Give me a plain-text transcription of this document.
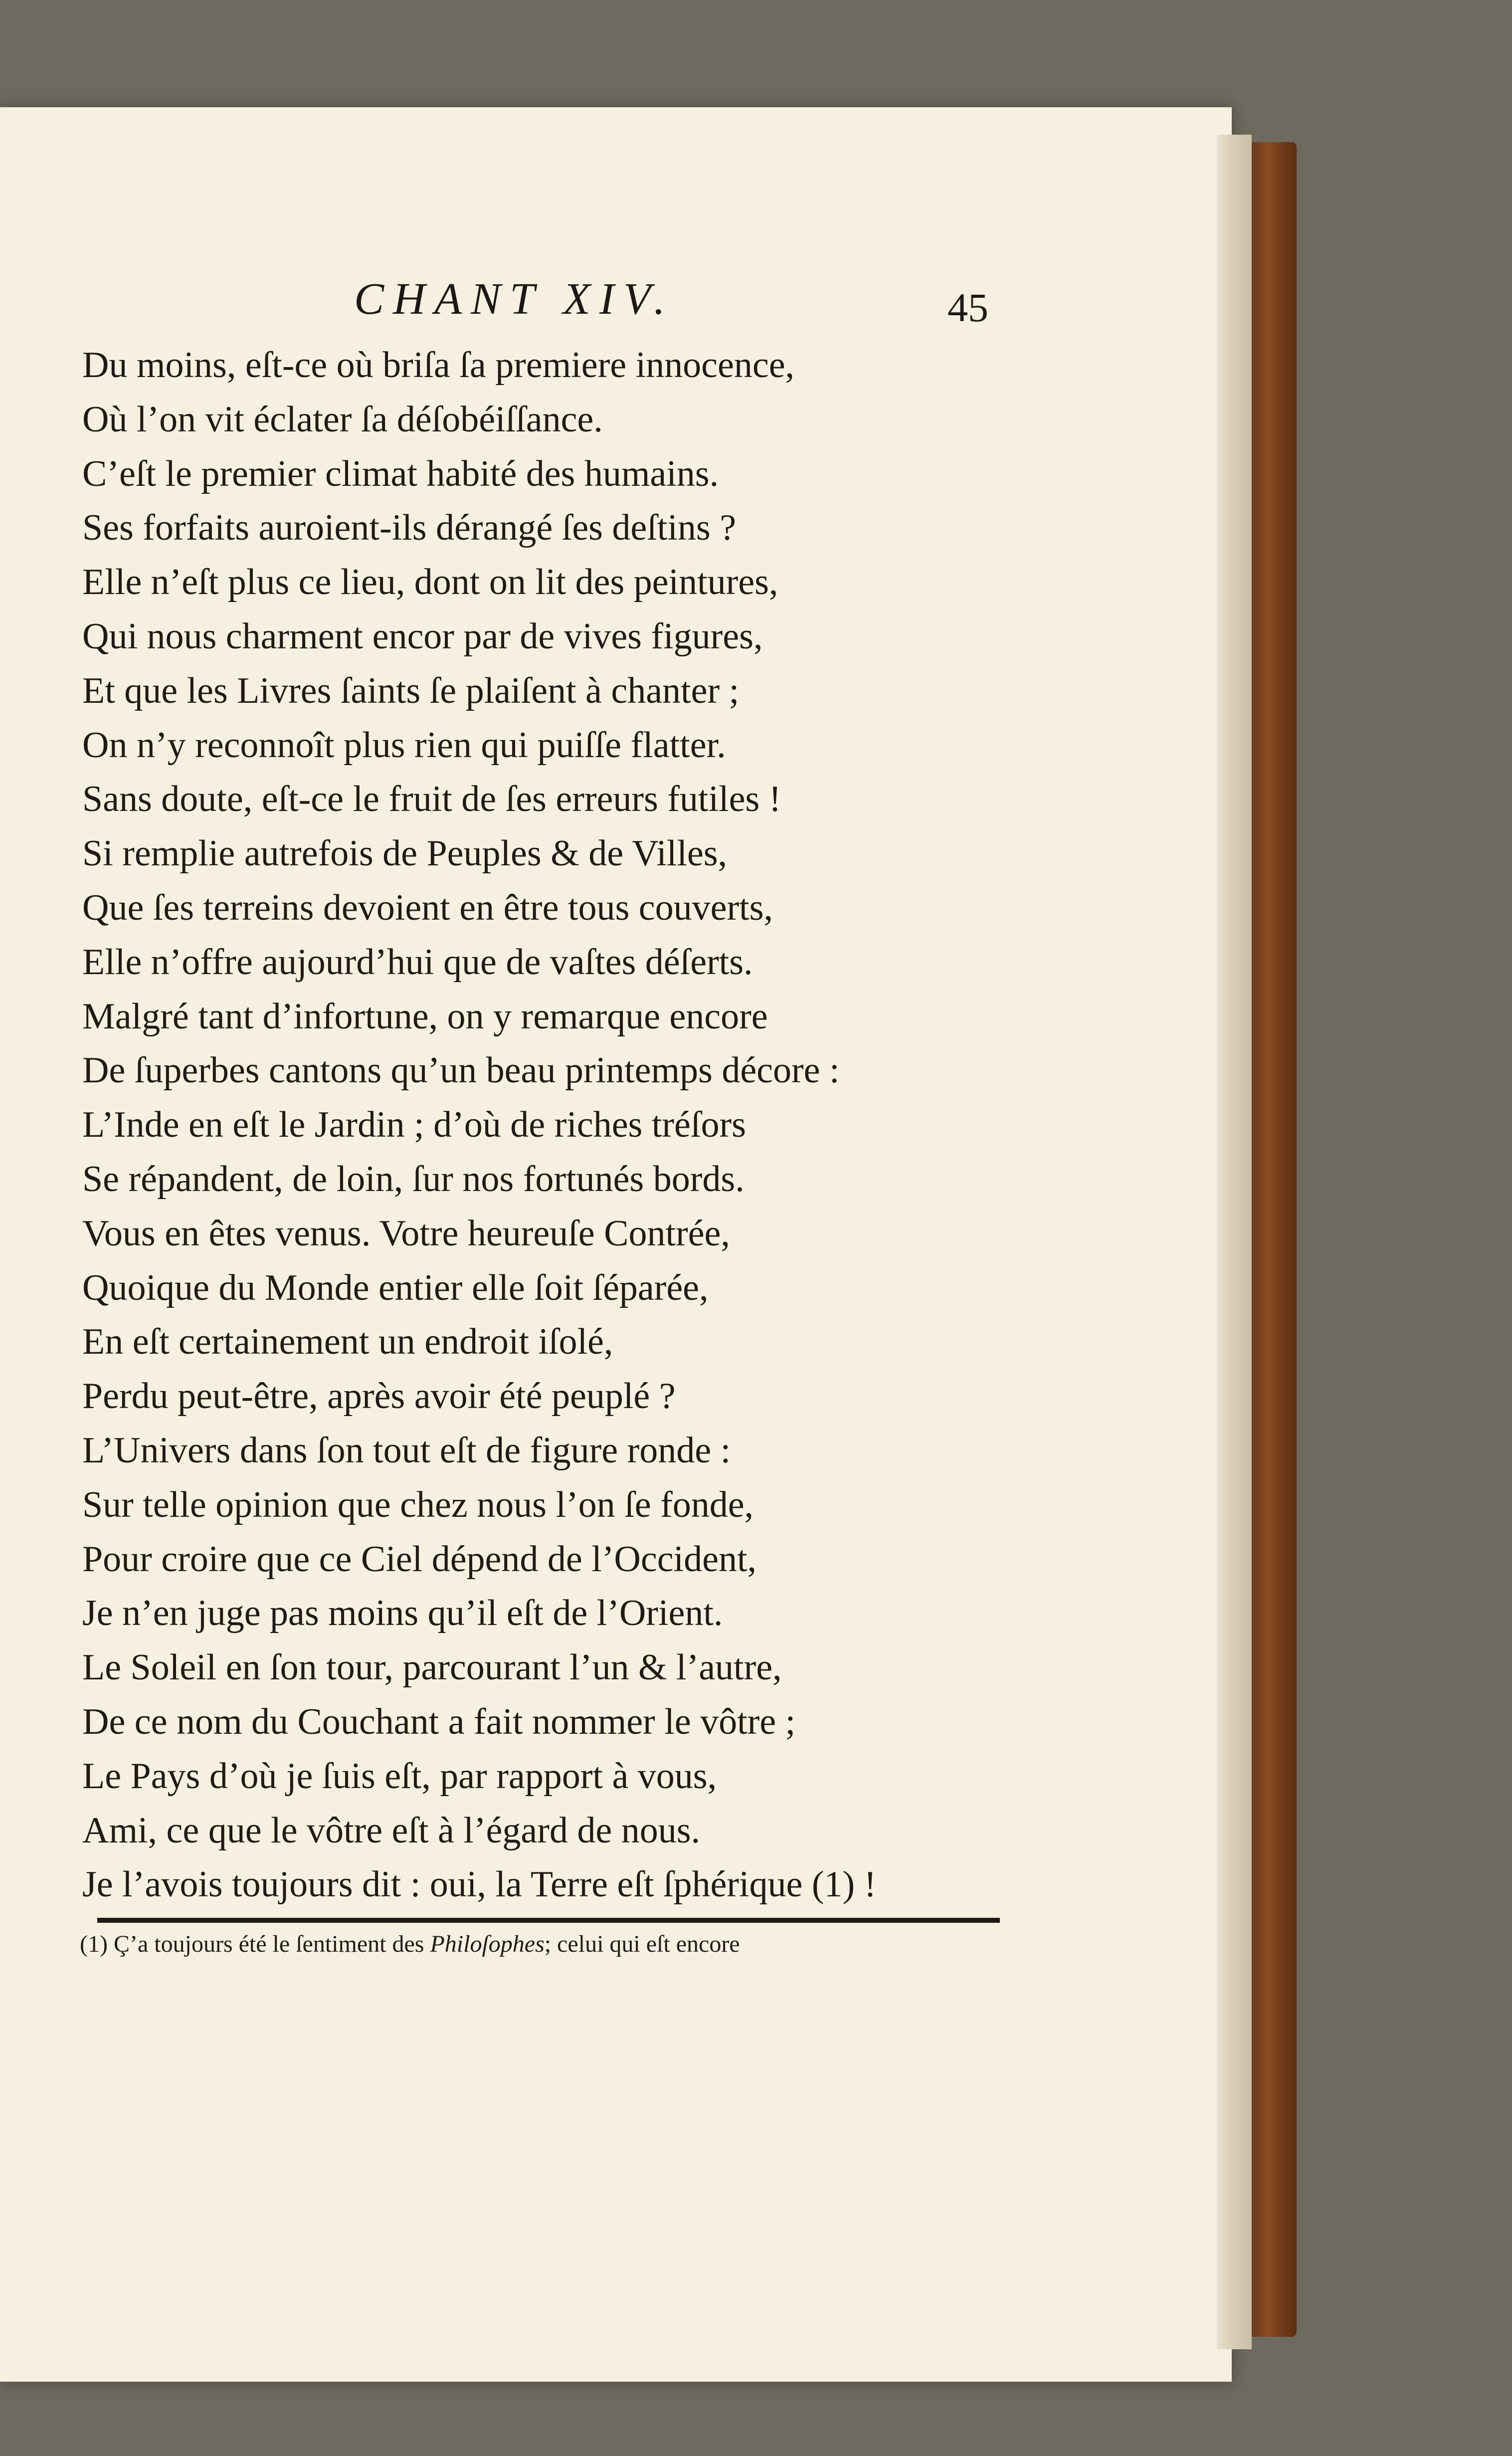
CHANT XIV.	45
Du moins, eſt-ce où briſa ſa premiere innocence,
Où l’on vit éclater ſa déſobéiſſance.
C’eſt le premier climat habité des humains.
Ses forfaits auroient-ils dérangé ſes deſtins ?
Elle n’eſt plus ce lieu, dont on lit des peintures,
Qui nous charment encor par de vives figures,
Et que les Livres ſaints ſe plaiſent à chanter ;
On n’y reconnoît plus rien qui puiſſe flatter.
Sans doute, eſt-ce le fruit de ſes erreurs futiles !
Si remplie autrefois de Peuples & de Villes,
Que ſes terreins devoient en être tous couverts,
Elle n’offre aujourd’hui que de vaſtes déſerts.
Malgré tant d’infortune, on y remarque encore
De ſuperbes cantons qu’un beau printemps décore :
L’Inde en eſt le Jardin ; d’où de riches tréſors
Se répandent, de loin, ſur nos fortunés bords.
Vous en êtes venus. Votre heureuſe Contrée,
Quoique du Monde entier elle ſoit ſéparée,
En eſt certainement un endroit iſolé,
Perdu peut-être, après avoir été peuplé ?
L’Univers dans ſon tout eſt de figure ronde :
Sur telle opinion que chez nous l’on ſe fonde,
Pour croire que ce Ciel dépend de l’Occident,
Je n’en juge pas moins qu’il eſt de l’Orient.
Le Soleil en ſon tour, parcourant l’un & l’autre,
De ce nom du Couchant a fait nommer le vôtre ;
Le Pays d’où je ſuis eſt, par rapport à vous,
Ami, ce que le vôtre eſt à l’égard de nous.
Je l’avois toujours dit : oui, la Terre eſt ſphérique (1) !
(1) Ç’a toujours été le ſentiment des Philoſophes; celui qui eſt encore
